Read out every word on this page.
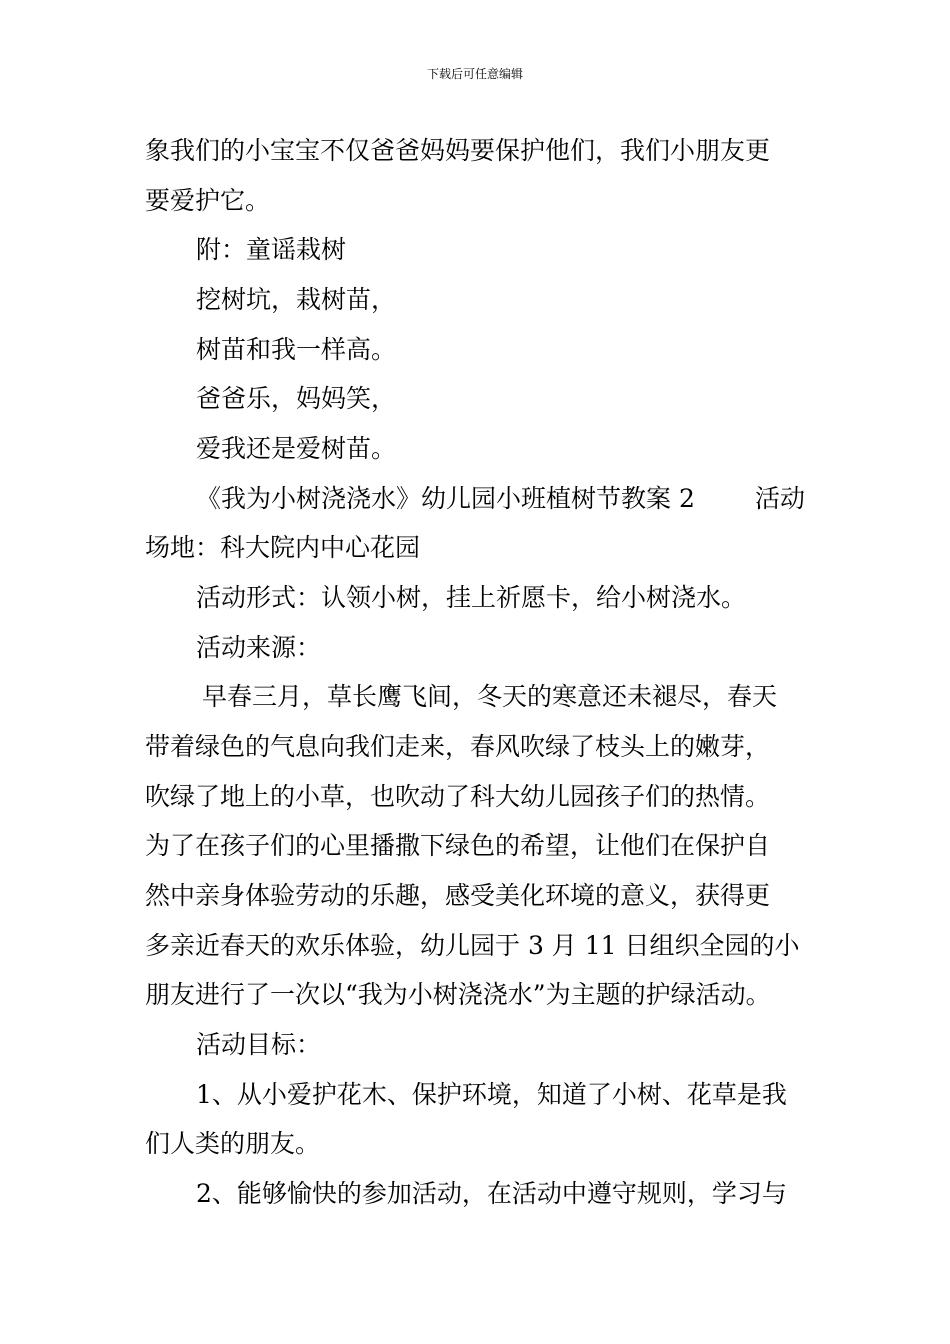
下载后可任意编辑
象我们的小宝宝不仅爸爸妈妈要保护他们，我们小朋友更
要爱护它。
附：童谣栽树
挖树坑，栽树苗，
树苗和我一样高。
爸爸乐，妈妈笑，
爱我还是爱树苗。
《我为小树浇浇水》幼儿园小班植树节教案 2 活动
场地：科大院内中心花园
活动形式：认领小树，挂上祈愿卡，给小树浇水。
活动来源：
早春三月，草长鹰飞间，冬天的寒意还未褪尽，春天
带着绿色的气息向我们走来，春风吹绿了枝头上的嫩芽，
吹绿了地上的小草，也吹动了科大幼儿园孩子们的热情。
为了在孩子们的心里播撒下绿色的希望，让他们在保护自
然中亲身体验劳动的乐趣，感受美化环境的意义，获得更
多亲近春天的欢乐体验，幼儿园于 3 月 11 日组织全园的小
朋友进行了一次以“我为小树浇浇水”为主题的护绿活动。
活动目标：
1、从小爱护花木、保护环境，知道了小树、花草是我
们人类的朋友。
2、能够愉快的参加活动，在活动中遵守规则，学习与
